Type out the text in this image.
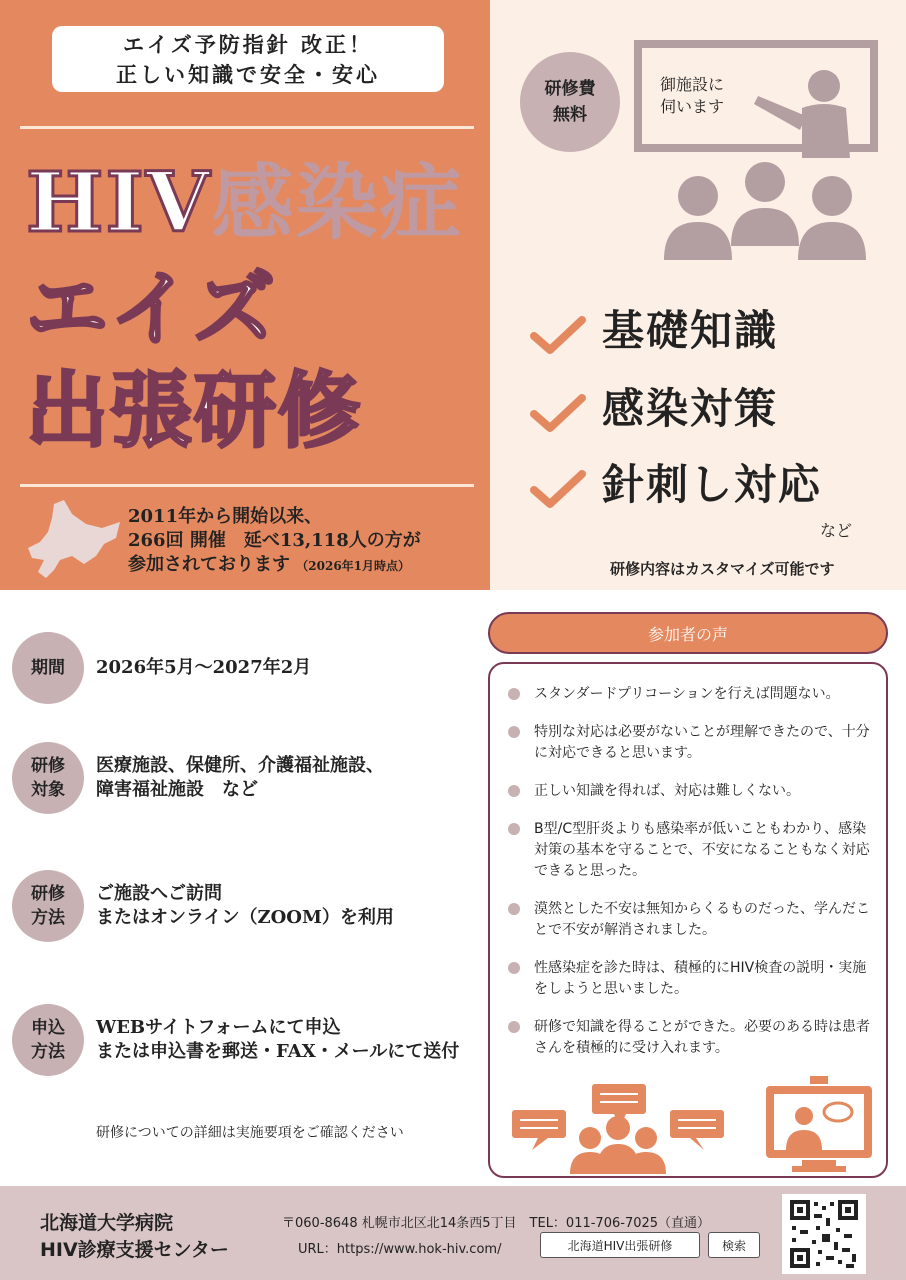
エイズ予防指針 改正！
正しい知識で安全・安心
HIV感染症
エイズ
出張研修
2011年から開始以来、
266回 開催　延べ13,118人の方が
参加されております （2026年1月時点）
研修費
無料
御施設に
伺います
基礎知識
感染対策
針刺し対応
など
研修内容はカスタマイズ可能です
期間 2026年5月～2027年2月
研修
対象
医療施設、保健所、介護福祉施設、
障害福祉施設　など
研修
方法
ご施設へご訪問
またはオンライン（ZOOM）を利用
申込
方法
WEBサイトフォームにて申込
または申込書を郵送・FAX・メールにて送付
研修についての詳細は実施要項をご確認ください
参加者の声
スタンダードプリコーションを行えば問題ない。
特別な対応は必要がないことが理解できたので、十分に対応できると思います。
正しい知識を得れば、対応は難しくない。
B型/C型肝炎よりも感染率が低いこともわかり、感染対策の基本を守ることで、不安になることもなく対応できると思った。
漠然とした不安は無知からくるものだった、学んだことで不安が解消されました。
性感染症を診た時は、積極的にHIV検査の説明・実施をしようと思いました。
研修で知識を得ることができた。必要のある時は患者さんを積極的に受け入れます。
北海道大学病院
HIV診療支援センター
〒060-8648 札幌市北区北14条西5丁目　TEL：011-706-7025（直通）
URL：https://www.hok-hiv.com/	北海道HIV出張研修	検索
